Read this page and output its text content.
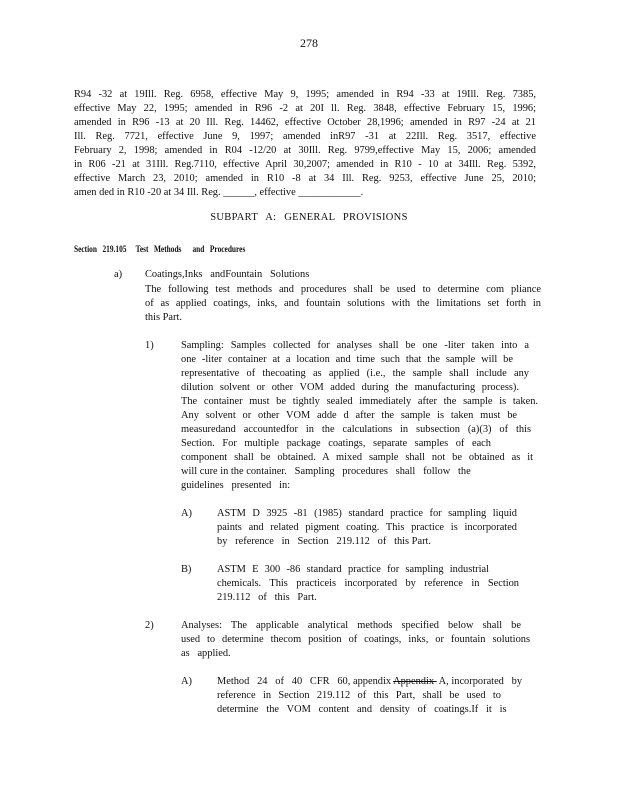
278
R94 -32 at 19Ill. Reg. 6958, effective May 9, 1995; amended in R94 -33 at 19Ill. Reg. 7385,
effective May 22, 1995; amended in R96 -2 at 20I ll. Reg. 3848, effective February 15, 1996;
amended in R96 -13 at 20 Ill. Reg. 14462, effective October 28,1996; amended in R97 -24 at 21
Ill. Reg. 7721, effective June 9, 1997; amended inR97 -31 at 22Ill. Reg. 3517, effective
February 2, 1998; amended in R04 -12/20 at 30Ill. Reg. 9799,effective May 15, 2006; amended
in R06 -21 at 31Ill. Reg.7110, effective April 30,2007; amended in R10 - 10 at 34Ill. Reg. 5392,
effective March 23, 2010; amended in R10 -8 at 34 Ill. Reg. 9253, effective June 25, 2010;
amen ded in R10 -20 at 34 Ill. Reg. ______, effective ____________.
SUBPART A: GENERAL PROVISIONS
Section   219.105     Test   Methods      and   Procedures
a) Coatings,Inks   andFountain   Solutions
The following test methods and procedures shall be used to determine com pliance
of as applied coatings, inks, and fountain solutions with the limitations set forth in
this Part.
1)	Sampling: Samples collected for analyses shall be one -liter taken into a
one -liter container at a location and time such that the sample will be
representative of thecoating as applied (i.e., the sample shall include any
dilution solvent or other VOM added during the manufacturing process).
The container must be tightly sealed immediately after the sample is taken.
Any solvent or other VOM adde d after the sample is taken must be
measuredand accountedfor in the calculations in subsection (a)(3) of this
Section. For multiple package coatings, separate samples of each
component shall be obtained. A mixed sample shall not be obtained as it
will cure in the container.   Sampling   procedures   shall   follow   the
guidelines   presented   in:
A) ASTM D 3925 -81 (1985) standard practice for sampling liquid
paints and related pigment coating. This practice is incorporated
by   reference   in   Section   219.112   of   this Part.
B) ASTM E 300 -86 standard practice for sampling industrial
chemicals. This practiceis incorporated by reference in Section
219.112   of   this   Part.
2)	Analyses: The applicable analytical methods specified below shall be
used to determine thecom position of coatings, inks, or fountain solutions
as   applied.
A) Method   24   of   40   CFR   60, appendix Appendix  A, incorporated   by
reference in Section 219.112 of this Part, shall be used to
determine   the   VOM   content   and   density   of   coatings.If   it   is
